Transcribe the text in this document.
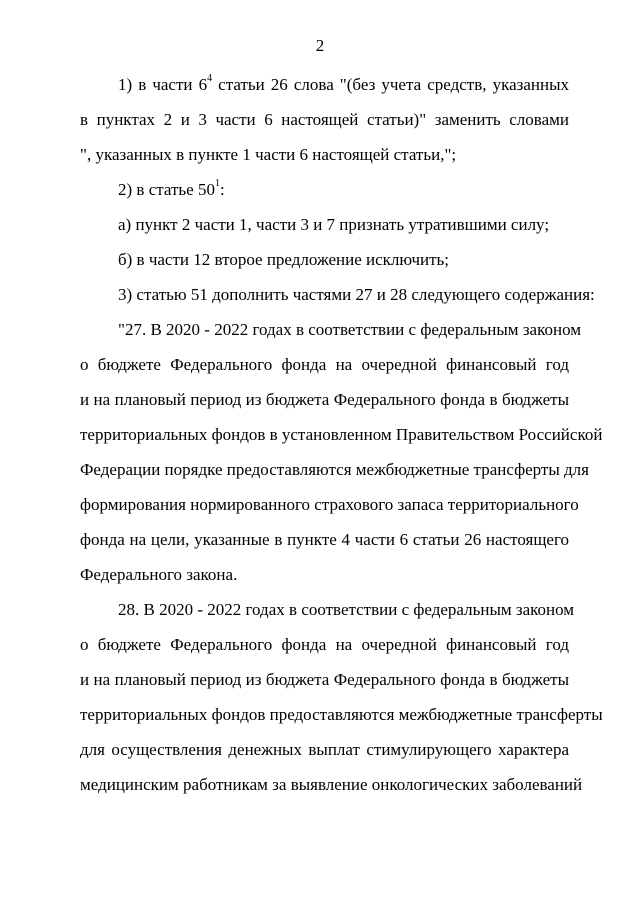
2
1) в части $6^4$ статьи 26 слова "(без учета средств, указанных
в пунктах 2 и 3 части 6 настоящей статьи)" заменить словами
", указанных в пункте 1 части 6 настоящей статьи,";
2) в статье $50^1$:
а) пункт 2 части 1, части 3 и 7 признать утратившими силу;
б) в части 12 второе предложение исключить;
3) статью 51 дополнить частями 27 и 28 следующего содержания:
"27. В 2020 - 2022 годах в соответствии с федеральным законом
о бюджете Федерального фонда на очередной финансовый год
и на плановый период из бюджета Федерального фонда в бюджеты
территориальных фондов в установленном Правительством Российской
Федерации порядке предоставляются межбюджетные трансферты для
формирования нормированного страхового запаса территориального
фонда на цели, указанные в пункте 4 части 6 статьи 26 настоящего
Федерального закона.
28. В 2020 - 2022 годах в соответствии с федеральным законом
о бюджете Федерального фонда на очередной финансовый год
и на плановый период из бюджета Федерального фонда в бюджеты
территориальных фондов предоставляются межбюджетные трансферты
для осуществления денежных выплат стимулирующего характера
медицинским работникам за выявление онкологических заболеваний
